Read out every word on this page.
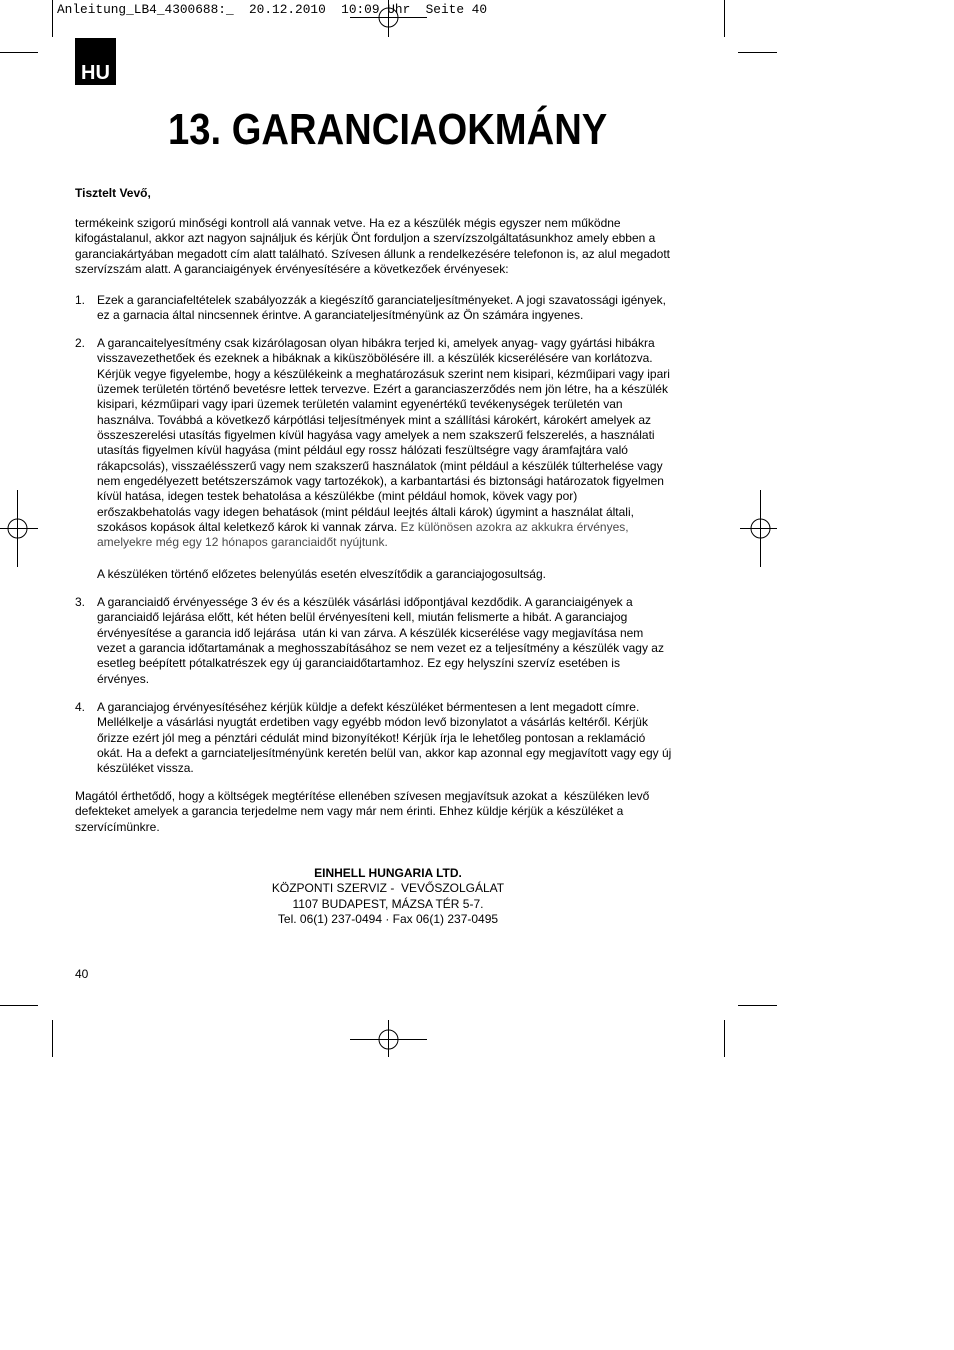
Anleitung_LB4_4300688:_  20.12.2010  10:09 Uhr  Seite 40
HU
13. GARANCIAOKMÁNY
Tisztelt Vevő,
termékeink szigorú minőségi kontroll alá vannak vetve. Ha ez a készülék mégis egyszer nem működne
kifogástalanul, akkor azt nagyon sajnáljuk és kérjük Önt forduljon a szervízszolgáltatásunkhoz amely ebben a
garanciakártyában megadott cím alatt található. Szívesen állunk a rendelkezésére telefonon is, az alul megadott
szervízszám alatt. A garanciaigények érvényesítésére a következőek érvényesek:
1. Ezek a garanciafeltételek szabályozzák a kiegészítő garanciateljesítményeket. A jogi szavatossági igények,
ez a garnacia által nincsennek érintve. A garanciateljesítményünk az Ön számára ingyenes.
2. A garancaitelyesítmény csak kizárólagosan olyan hibákra terjed ki, amelyek anyag- vagy gyártási hibákra
visszavezethetőek és ezeknek a hibáknak a kiküszöbölésére ill. a készülék kicserélésére van korlátozva.
Kérjük vegye figyelembe, hogy a készülékeink a meghatározásuk szerint nem kisipari, kézműipari vagy ipari
üzemek területén történő bevetésre lettek tervezve. Ezért a garanciaszerződés nem jön létre, ha a készülék
kisipari, kézműipari vagy ipari üzemek területén valamint egyenértékű tevékenységek területén van
használva. Továbbá a következő kárpótlási teljesítmények mint a szállítási károkért, károkért amelyek az
összeszerelési utasítás figyelmen kívül hagyása vagy amelyek a nem szakszerű felszerelés, a használati
utasítás figyelmen kívül hagyása (mint például egy rossz hálózati feszültségre vagy áramfajtára való
rákapcsolás), visszaélésszerű vagy nem szakszerű használatok (mint például a készülék túlterhelése vagy
nem engedélyezett betétszerszámok vagy tartozékok), a karbantartási és biztonsági határozatok figyelmen
kívül hatása, idegen testek behatolása a készülékbe (mint például homok, kövek vagy por)
erőszakbehatolás vagy idegen behatások (mint például leejtés általi károk) úgymint a használat általi,
szokásos kopások által keletkező károk ki vannak zárva. Ez különösen azokra az akkukra érvényes,
amelyekre még egy 12 hónapos garanciaidőt nyújtunk.
A készüléken történő előzetes belenyúlás esetén elveszítődik a garanciajogosultság.
3. A garanciaidő érvényessége 3 év és a készülék vásárlási időpontjával kezdődik. A garanciaigények a
garanciaidő lejárása előtt, két héten belül érvényesíteni kell, miután felismerte a hibát. A garanciajog
érvényesítése a garancia idő lejárása  után ki van zárva. A készülék kicserélése vagy megjavítása nem
vezet a garancia időtartamának a meghosszabításához se nem vezet ez a teljesítmény a készülék vagy az
esetleg beépített pótalkatrészek egy új garanciaidőtartamhoz. Ez egy helyszíni szervíz esetében is
érvényes.
4. A garanciajog érvényesítéséhez kérjük küldje a defekt készüléket bérmentesen a lent megadott címre.
Mellélkelje a vásárlási nyugtát erdetiben vagy egyébb módon levő bizonylatot a vásárlás keltéről. Kérjük
őrizze ezért jól meg a pénztári cédulát mind bizonyítékot! Kérjük írja le lehetőleg pontosan a reklamáció
okát. Ha a defekt a garnciateljesítményünk keretén belül van, akkor kap azonnal egy megjavított vagy egy új
készüléket vissza.
Magától érthetődő, hogy a költségek megtérítése ellenében szívesen megjavítsuk azokat a  készüléken levő
defekteket amelyek a garancia terjedelme nem vagy már nem érinti. Ehhez küldje kérjük a készüléket a
szervícímünkre.
EINHELL HUNGARIA LTD.
KÖZPONTI SZERVIZ -  VEVŐSZOLGÁLAT
1107 BUDAPEST, MÁZSA TÉR 5-7.
Tel. 06(1) 237-0494 · Fax 06(1) 237-0495
40
